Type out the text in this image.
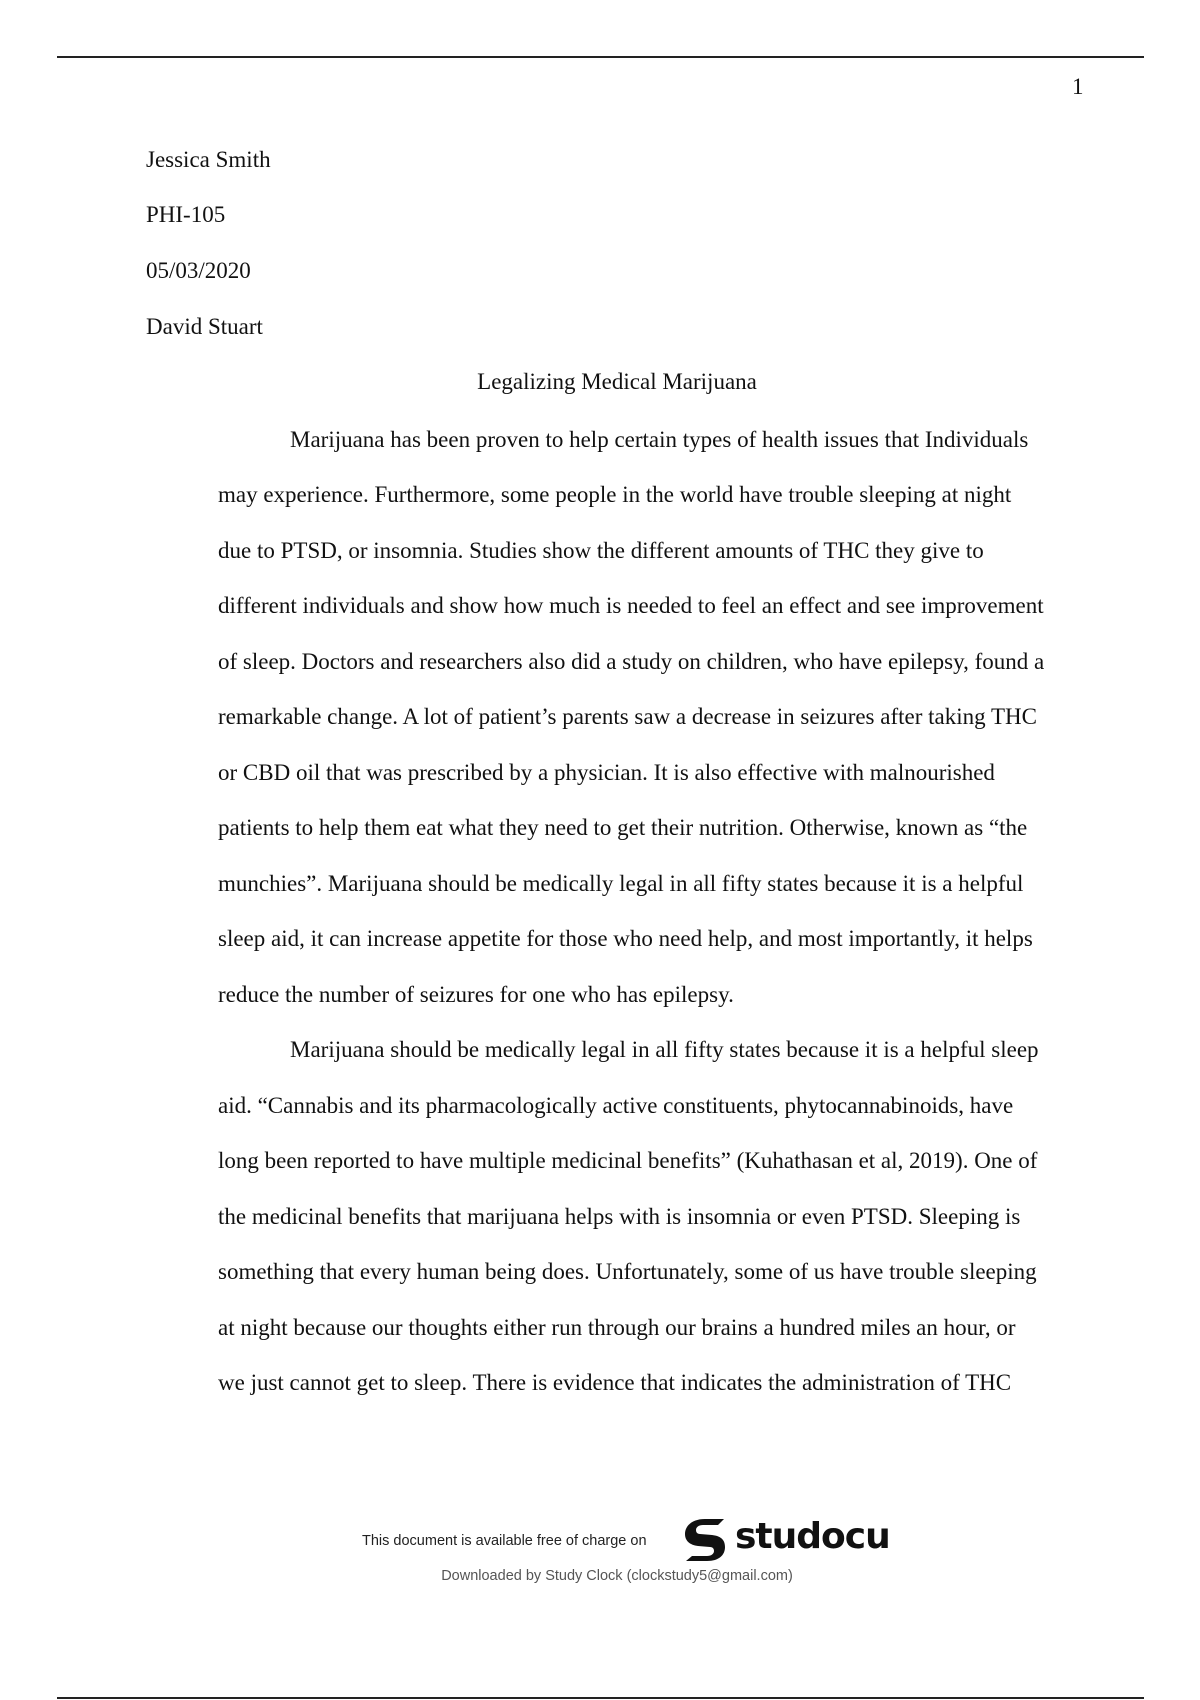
1
Jessica Smith
PHI-105
05/03/2020
David Stuart
Legalizing Medical Marijuana
Marijuana has been proven to help certain types of health issues that Individuals
may experience. Furthermore, some people in the world have trouble sleeping at night
due to PTSD, or insomnia. Studies show the different amounts of THC they give to
different individuals and show how much is needed to feel an effect and see improvement
of sleep. Doctors and researchers also did a study on children, who have epilepsy, found a
remarkable change. A lot of patient’s parents saw a decrease in seizures after taking THC
or CBD oil that was prescribed by a physician. It is also effective with malnourished
patients to help them eat what they need to get their nutrition. Otherwise, known as “the
munchies”. Marijuana should be medically legal in all fifty states because it is a helpful
sleep aid, it can increase appetite for those who need help, and most importantly, it helps
reduce the number of seizures for one who has epilepsy.
Marijuana should be medically legal in all fifty states because it is a helpful sleep
aid. “Cannabis and its pharmacologically active constituents, phytocannabinoids, have
long been reported to have multiple medicinal benefits” (Kuhathasan et al, 2019). One of
the medicinal benefits that marijuana helps with is insomnia or even PTSD. Sleeping is
something that every human being does. Unfortunately, some of us have trouble sleeping
at night because our thoughts either run through our brains a hundred miles an hour, or
we just cannot get to sleep. There is evidence that indicates the administration of THC
This document is available free of charge on studocu
Downloaded by Study Clock (clockstudy5@gmail.com)
